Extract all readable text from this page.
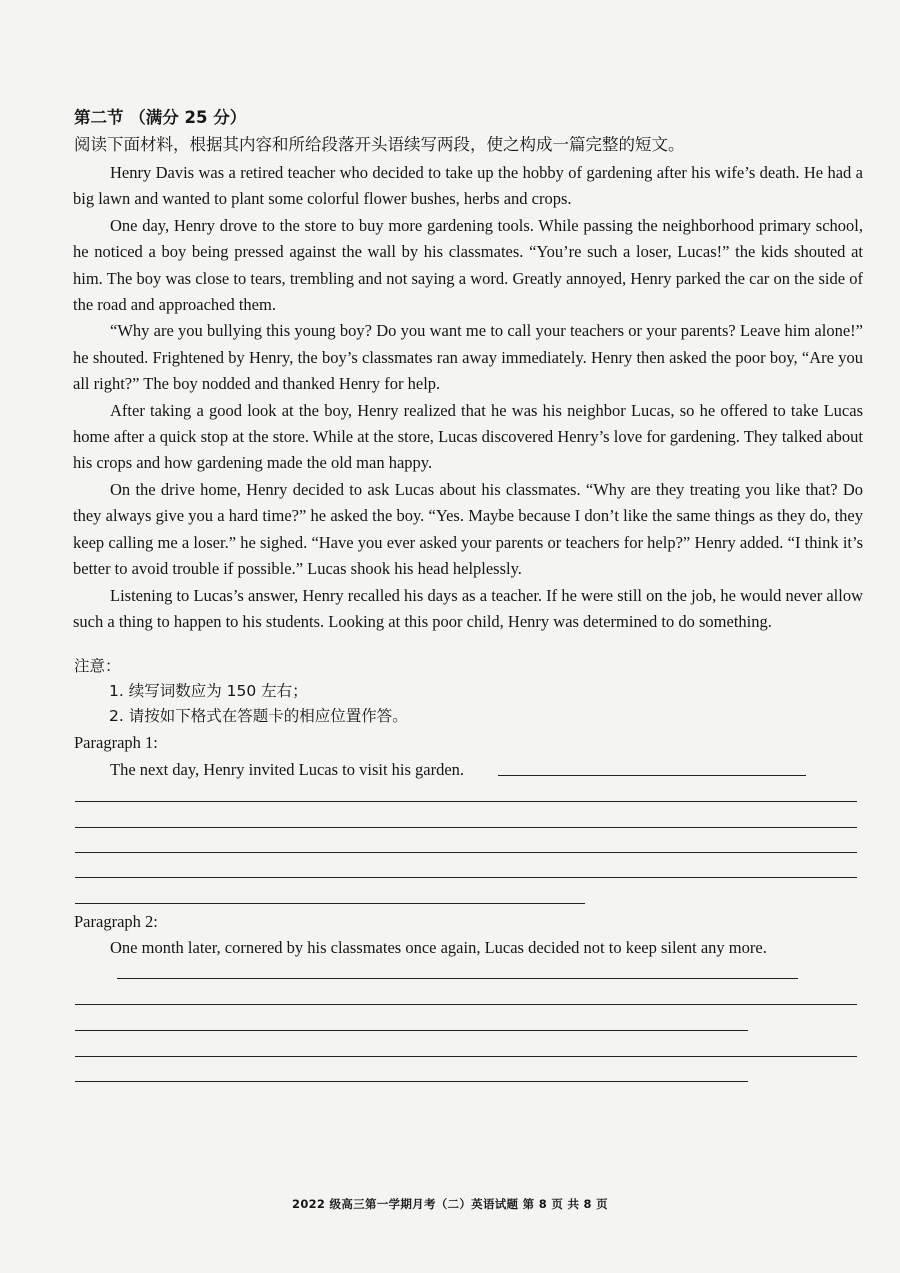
第二节 （满分 25 分）
阅读下面材料，根据其内容和所给段落开头语续写两段，使之构成一篇完整的短文。

Henry Davis was a retired teacher who decided to take up the hobby of gardening after his wife’s death. He had a big lawn and wanted to plant some colorful flower bushes, herbs and crops.

One day, Henry drove to the store to buy more gardening tools. While passing the neighborhood primary school, he noticed a boy being pressed against the wall by his classmates. “You’re such a loser, Lucas!” the kids shouted at him. The boy was close to tears, trembling and not saying a word. Greatly annoyed, Henry parked the car on the side of the road and approached them.

“Why are you bullying this young boy? Do you want me to call your teachers or your parents? Leave him alone!” he shouted. Frightened by Henry, the boy’s classmates ran away immediately. Henry then asked the poor boy, “Are you all right?” The boy nodded and thanked Henry for help.

After taking a good look at the boy, Henry realized that he was his neighbor Lucas, so he offered to take Lucas home after a quick stop at the store. While at the store, Lucas discovered Henry’s love for gardening. They talked about his crops and how gardening made the old man happy.

On the drive home, Henry decided to ask Lucas about his classmates. “Why are they treating you like that? Do they always give you a hard time?” he asked the boy. “Yes. Maybe because I don’t like the same things as they do, they keep calling me a loser.” he sighed. “Have you ever asked your parents or teachers for help?” Henry added. “I think it’s better to avoid trouble if possible.” Lucas shook his head helplessly.

Listening to Lucas’s answer, Henry recalled his days as a teacher. If he were still on the job, he would never allow such a thing to happen to his students. Looking at this poor child, Henry was determined to do something.

注意：

1. 续写词数应为 150 左右；

2. 请按如下格式在答题卡的相应位置作答。

Paragraph 1:

The next day, Henry invited Lucas to visit his garden.

Paragraph 2:

One month later, cornered by his classmates once again, Lucas decided not to keep silent any more.

2022 级高三第一学期月考（二）英语试题 第 8 页 共 8 页
